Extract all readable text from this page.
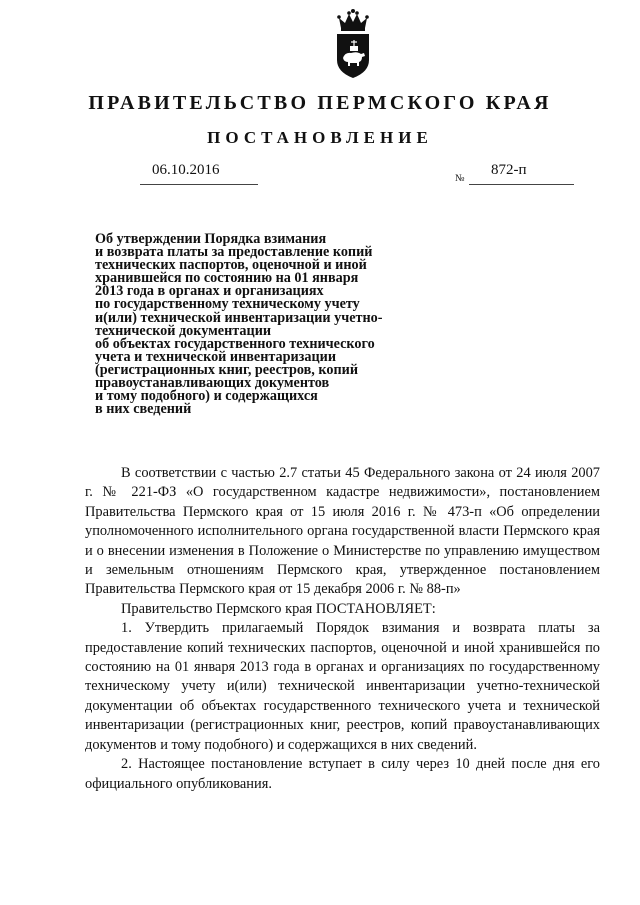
ПРАВИТЕЛЬСТВО ПЕРМСКОГО КРАЯ
ПОСТАНОВЛЕНИЕ
06.10.2016
№
872-п
Об утверждении Порядка взимания
и возврата платы за предоставление копий
технических паспортов, оценочной и иной
хранившейся по состоянию на 01 января
2013 года в органах и организациях
по государственному техническому учету
и(или) технической инвентаризации учетно-
технической документации
об объектах государственного технического
учета и технической инвентаризации
(регистрационных книг, реестров, копий
правоустанавливающих документов
и тому подобного) и содержащихся
в них сведений

В соответствии с частью 2.7 статьи 45 Федерального закона от 24 июля 2007 г. № 221-ФЗ «О государственном кадастре недвижимости», постановлением Правительства Пермского края от 15 июля 2016 г. № 473-п «Об определении уполномоченного исполнительного органа государственной власти Пермского края и о внесении изменения в Положение о Министерстве по управлению имуществом и земельным отношениям Пермского края, утвержденное постановлением Правительства Пермского края от 15 декабря 2006 г. № 88-п»

Правительство Пермского края ПОСТАНОВЛЯЕТ:

1. Утвердить прилагаемый Порядок взимания и возврата платы за предоставление копий технических паспортов, оценочной и иной хранившейся по состоянию на 01 января 2013 года в органах и организациях по государственному техническому учету и(или) технической инвентаризации учетно-технической документации об объектах государственного технического учета и технической инвентаризации (регистрационных книг, реестров, копий правоустанавливающих документов и тому подобного) и содержащихся в них сведений.

2. Настоящее постановление вступает в силу через 10 дней после дня его официального опубликования.
